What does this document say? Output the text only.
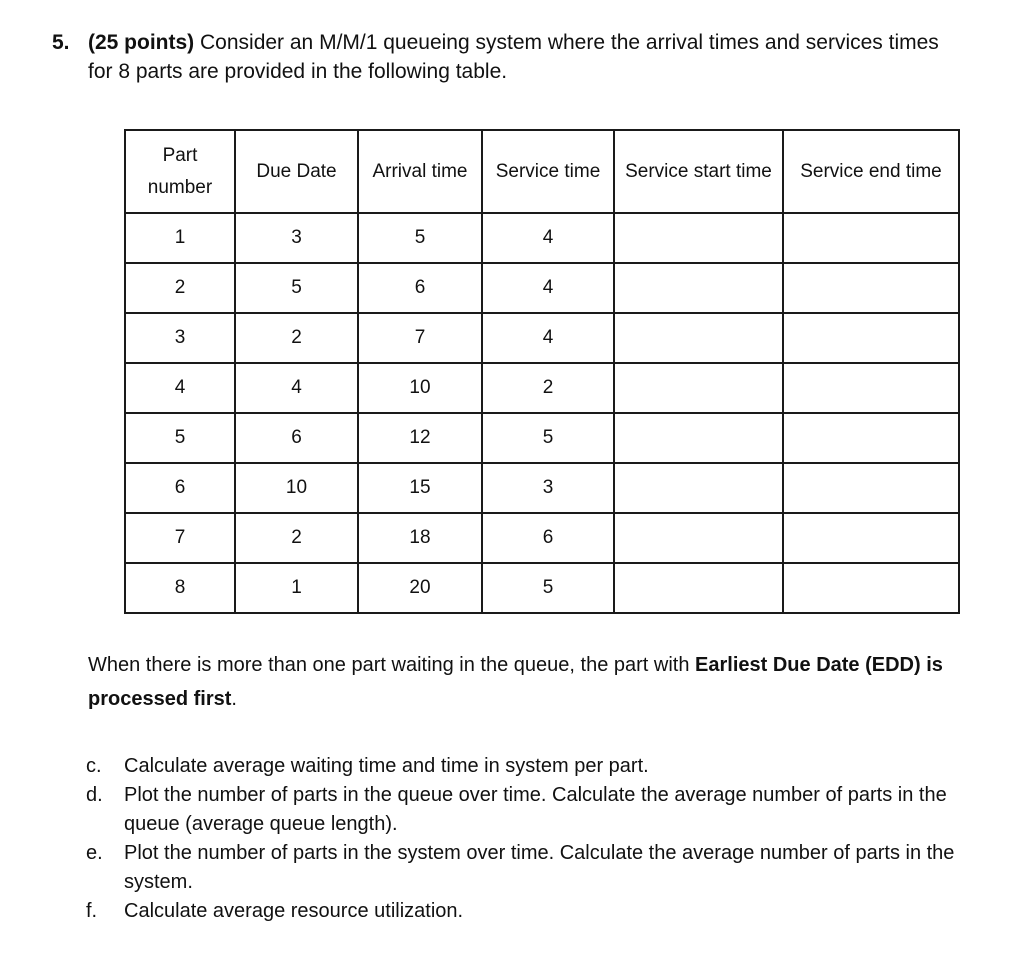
5. (25 points) Consider an M/M/1 queueing system where the arrival times and services times
for 8 parts are provided in the following table.
Part number	Due Date	Arrival time	Service time	Service start time	Service end time
1	3	5	4		
2	5	6	4		
3	2	7	4		
4	4	10	2		
5	6	12	5		
6	10	15	3		
7	2	18	6		
8	1	20	5		
When there is more than one part waiting in the queue, the part with Earliest Due Date (EDD) is processed first.
c.	Calculate average waiting time and time in system per part.
d.	Plot the number of parts in the queue over time. Calculate the average number of parts in the queue (average queue length).
e.	Plot the number of parts in the system over time. Calculate the average number of parts in the system.
f.	Calculate average resource utilization.
